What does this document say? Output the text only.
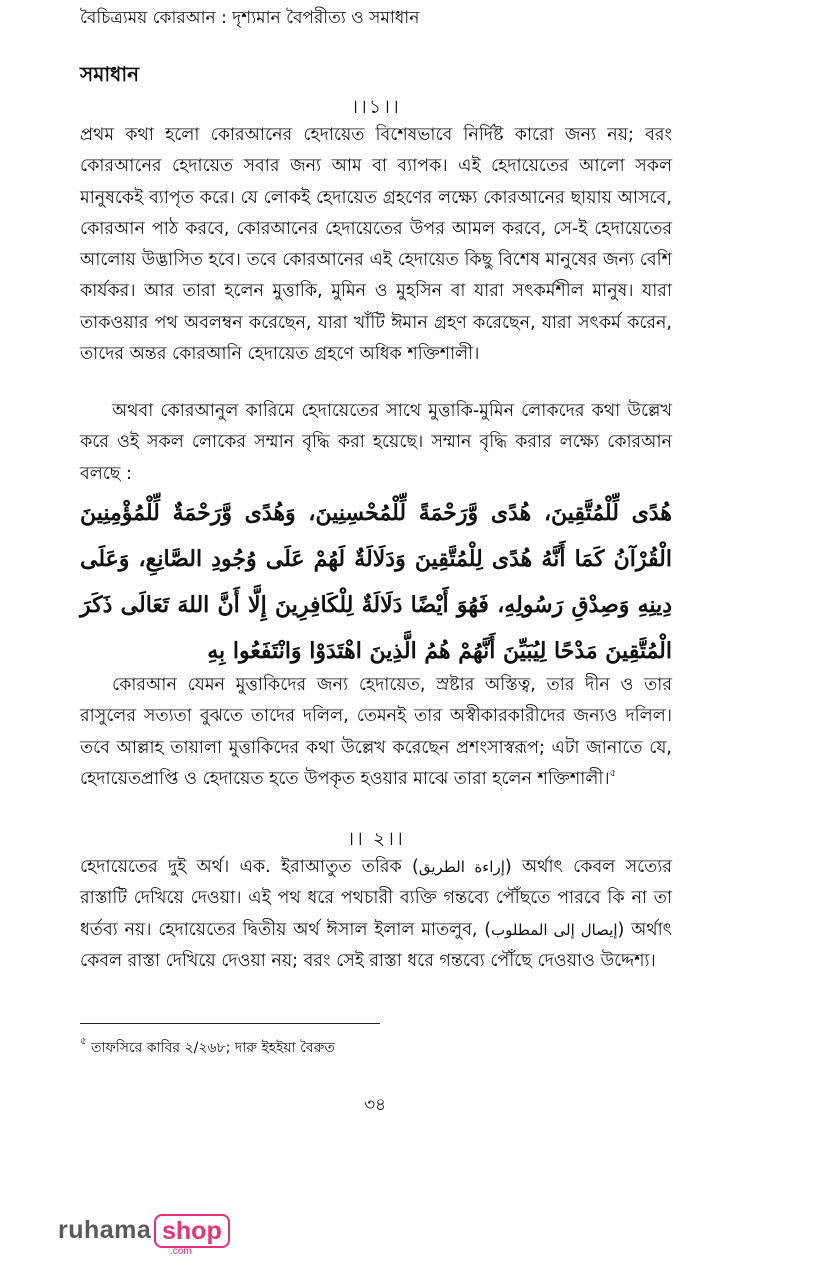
বৈচিত্র্যময় কোরআন : দৃশ্যমান বৈপরীত্য ও সমাধান
সমাধান
।।১।।

প্রথম কথা হলো কোরআনের হেদায়েত বিশেষভাবে নির্দিষ্ট কারো জন্য নয়; বরং কোরআনের হেদায়েত সবার জন্য আম বা ব্যাপক। এই হেদায়েতের আলো সকল মানুষকেই ব্যাপৃত করে। যে লোকই হেদায়েত গ্রহণের লক্ষ্যে কোরআনের ছায়ায় আসবে, কোরআন পাঠ করবে, কোরআনের হেদায়েতের উপর আমল করবে, সে-ই হেদায়েতের আলোয় উদ্ভাসিত হবে। তবে কোরআনের এই হেদায়েত কিছু বিশেষ মানুষের জন্য বেশি কার্যকর। আর তারা হলেন মুত্তাকি, মুমিন ও মুহসিন বা যারা সৎকর্মশীল মানুষ। যারা তাকওয়ার পথ অবলম্বন করেছেন, যারা খাঁটি ঈমান গ্রহণ করেছেন, যারা সৎকর্ম করেন, তাদের অন্তর কোরআনি হেদায়েত গ্রহণে অধিক শক্তিশালী।

অথবা কোরআনুল কারিমে হেদায়েতের সাথে মুত্তাকি-মুমিন লোকদের কথা উল্লেখ করে ওই সকল লোকের সম্মান বৃদ্ধি করা হয়েছে। সম্মান বৃদ্ধি করার লক্ষ্যে কোরআন বলছে :

هُدًى لِّلْمُتَّقِينَ، هُدًى وَّرَحْمَةً لِّلْمُحْسِنِينَ، وَهُدًى وَّرَحْمَةٌ لِّلْمُؤْمِنِينَ الْقُرْآنُ كَمَا أَنَّهُ هُدًى لِلْمُتَّقِينَ وَدَلَالَةٌ لَهُمْ عَلَى وُجُودِ الصَّانِعِ، وَعَلَى دِينِهِ وَصِدْقِ رَسُولِهِ، فَهُوَ أَيْضًا دَلَالَةٌ لِلْكَافِرِينَ إِلَّا أَنَّ اللهَ تَعَالَى ذَكَرَ الْمُتَّقِينَ مَدْحًا لِيُبَيِّنَ أَنَّهُمْ هُمُ الَّذِينَ اهْتَدَوْا وَانْتَفَعُوا بِهِ

কোরআন যেমন মুত্তাকিদের জন্য হেদায়েত, স্রষ্টার অস্তিত্ব, তার দীন ও তার রাসুলের সত্যতা বুঝতে তাদের দলিল, তেমনই তার অস্বীকারকারীদের জন্যও দলিল। তবে আল্লাহ তায়ালা মুত্তাকিদের কথা উল্লেখ করেছেন প্রশংসাস্বরূপ; এটা জানাতে যে, হেদায়েতপ্রাপ্তি ও হেদায়েত হতে উপকৃত হওয়ার মাঝে তারা হলেন শক্তিশালী।$^৫$

।। ২।।

হেদায়েতের দুই অর্থ। এক. ইরাআতুত তরিক (إراءة الطريق) অর্থাৎ কেবল সত্যের রাস্তাটি দেখিয়ে দেওয়া। এই পথ ধরে পথচারী ব্যক্তি গন্তব্যে পৌঁছতে পারবে কি না তা ধর্তব্য নয়। হেদায়েতের দ্বিতীয় অর্থ ঈসাল ইলাল মাতলুব, (إيصال إلى المطلوب) অর্থাৎ কেবল রাস্তা দেখিয়ে দেওয়া নয়; বরং সেই রাস্তা ধরে গন্তব্যে পৌঁছে দেওয়াও উদ্দেশ্য।

$^৫$ তাফসিরে কাবির ২/২৬৮; দারু ইহইয়া বৈরুত
৩৪
ruhama shop
.com
